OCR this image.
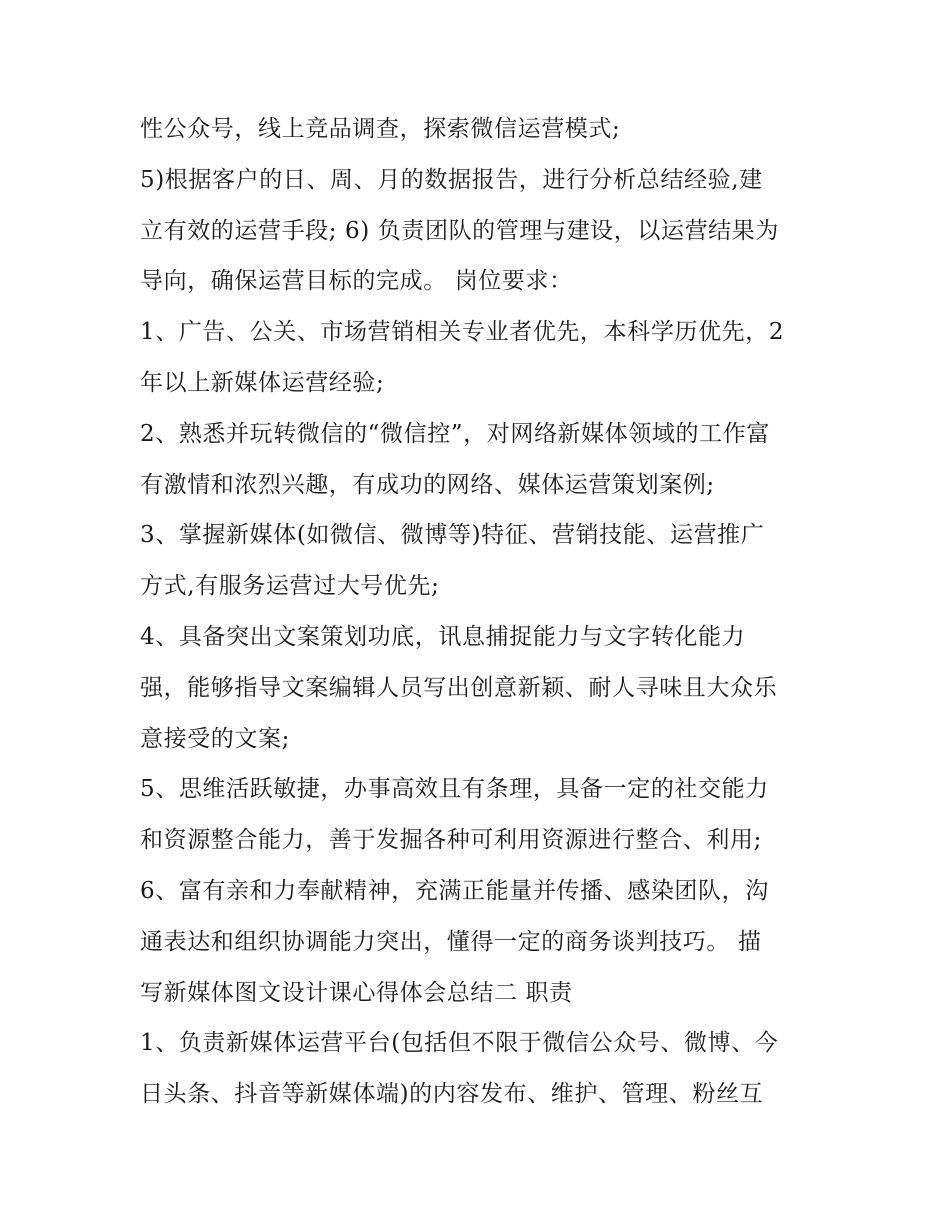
性公众号，线上竞品调查，探索微信运营模式;
5)根据客户的日、周、月的数据报告，进行分析总结经验,建
立有效的运营手段; 6) 负责团队的管理与建设，以运营结果为
导向，确保运营目标的完成。 岗位要求：
1、广告、公关、市场营销相关专业者优先，本科学历优先，2
年以上新媒体运营经验;
2、熟悉并玩转微信的“微信控”，对网络新媒体领域的工作富
有激情和浓烈兴趣，有成功的网络、媒体运营策划案例;
3、掌握新媒体(如微信、微博等)特征、营销技能、运营推广
方式,有服务运营过大号优先;
4、具备突出文案策划功底，讯息捕捉能力与文字转化能力
强，能够指导文案编辑人员写出创意新颖、耐人寻味且大众乐
意接受的文案;
5、思维活跃敏捷，办事高效且有条理，具备一定的社交能力
和资源整合能力，善于发掘各种可利用资源进行整合、利用;
6、富有亲和力奉献精神，充满正能量并传播、感染团队，沟
通表达和组织协调能力突出，懂得一定的商务谈判技巧。 描
写新媒体图文设计课心得体会总结二 职责
1、负责新媒体运营平台(包括但不限于微信公众号、微博、今
日头条、抖音等新媒体端)的内容发布、维护、管理、粉丝互
